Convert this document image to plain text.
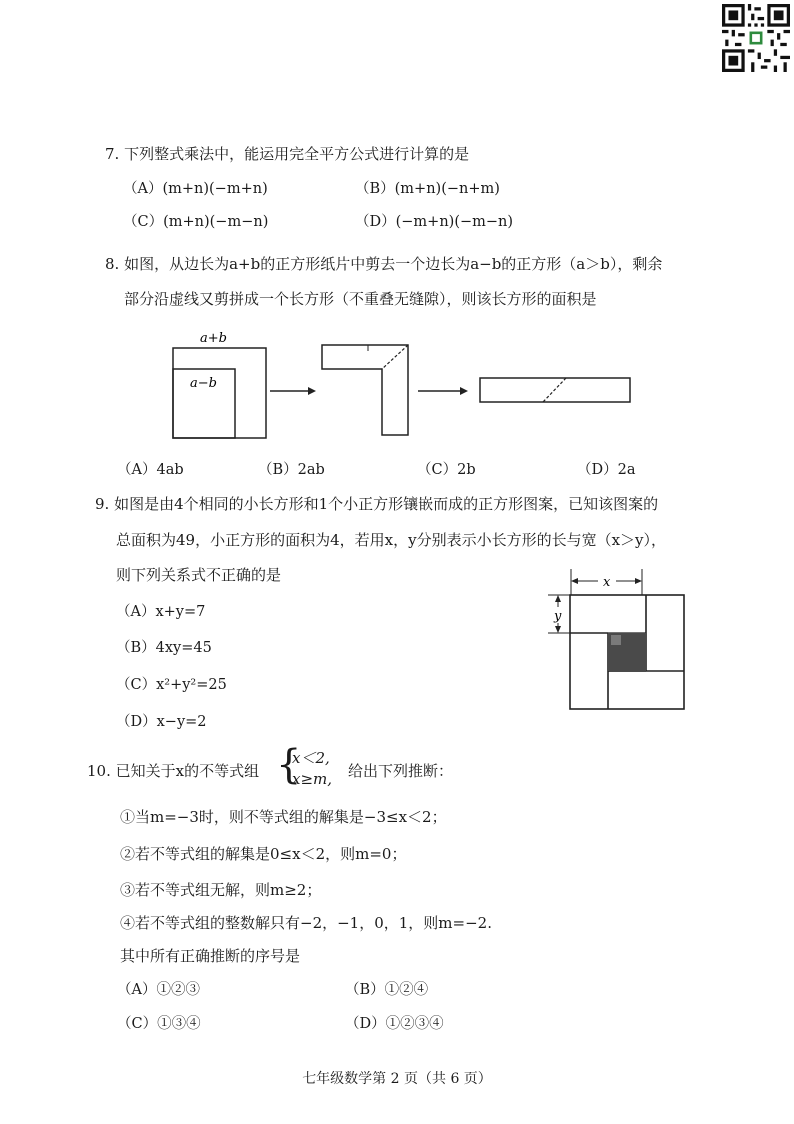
7. 下列整式乘法中，能运用完全平方公式进行计算的是
（A）(m+n)(−m+n)	（B）(m+n)(−n+m)
（C）(m+n)(−m−n)	（D）(−m+n)(−m−n)
8. 如图，从边长为a+b的正方形纸片中剪去一个边长为a−b的正方形（a＞b），剩余
部分沿虚线又剪拼成一个长方形（不重叠无缝隙），则该长方形的面积是
a+b
a−b
（A）4ab	（B）2ab	（C）2b	（D）2a
9. 如图是由4个相同的小长方形和1个小正方形镶嵌而成的正方形图案，已知该图案的
总面积为49，小正方形的面积为4，若用x，y分别表示小长方形的长与宽（x＞y），
则下列关系式不正确的是
（A）x+y=7
（B）4xy=45
（C）x²+y²=25
（D）x−y=2
x
y
10. 已知关于x的不等式组 {
x＜2,
x≥m, 给出下列推断：
①当m=−3时，则不等式组的解集是−3≤x＜2；
②若不等式组的解集是0≤x＜2，则m=0；
③若不等式组无解，则m≥2；
④若不等式组的整数解只有−2，−1，0，1，则m=−2.
其中所有正确推断的序号是
（A）①②③	（B）①②④
（C）①③④	（D）①②③④
七年级数学第 2 页（共 6 页）
